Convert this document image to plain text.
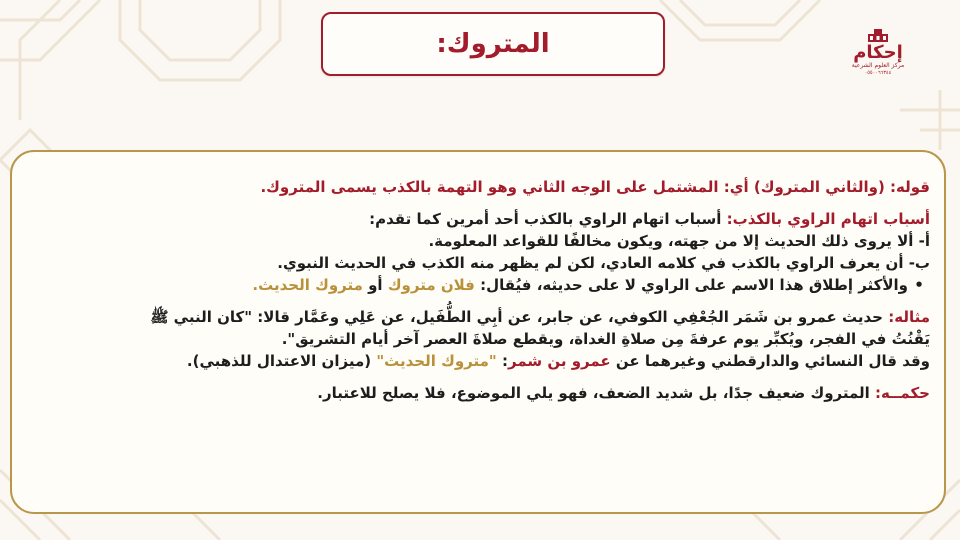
المتروك:	إحكام
مركز العلوم الشرعية
٠٥٥٠٠٦٦٣٤٤
قوله: (والثاني المتروك) أي: المشتمل على الوجه الثاني وهو التهمة بالكذب يسمى المتروك.
أسباب اتهام الراوي بالكذب: أسباب اتهام الراوي بالكذب أحد أمرين كما تقدم:
أ- ألا يروى ذلك الحديث إلا من جهته، ويكون مخالفًا للقواعد المعلومة.
ب- أن يعرف الراوي بالكذب في كلامه العادي، لكن لم يظهر منه الكذب في الحديث النبوي.
•والأكثر إطلاق هذا الاسم على الراوي لا على حديثه، فيُقال: فلان متروك أو متروك الحديث.
مثاله: حديث عمرو بن شَمَر الجُعْفِي الكوفي، عن جابر، عن أبِي الطُّفَيل، عن عَلِي وعَمَّار قالا: "كان النبي ﷺ
يَقْنُتُ في الفجر، ويُكبِّر يوم عرفةَ مِن صلاةِ الغداة، ويقطع صلاةَ العصر آخر أيام التشريق".
وقد قال النسائي والدارقطني وغيرهما عن عمرو بن شمر: "متروك الحديث" (ميزان الاعتدال للذهبي).
حكمــه: المتروك ضعيف جدًا، بل شديد الضعف، فهو يلي الموضوع، فلا يصلح للاعتبار.
